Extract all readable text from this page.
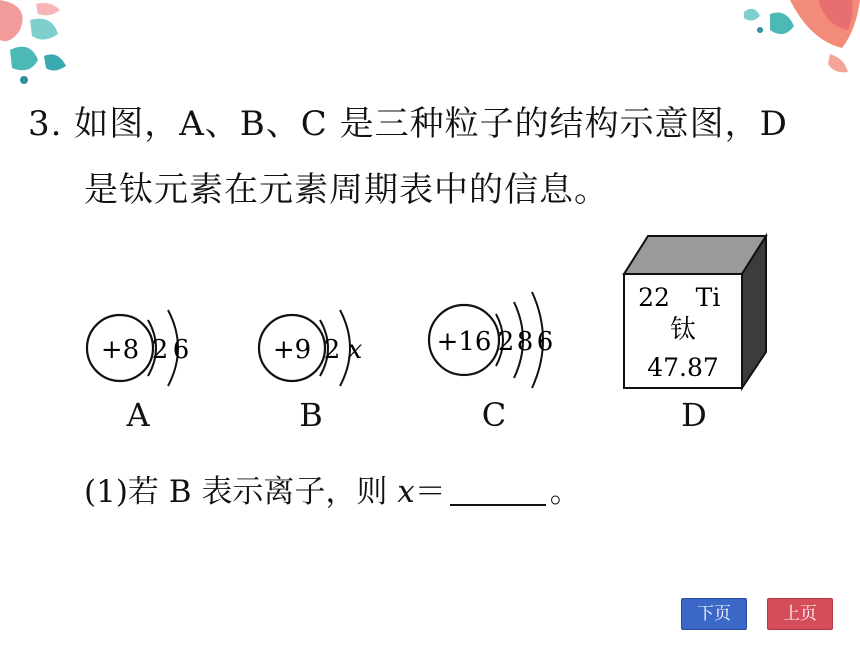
3. 如图，A、B、C 是三种粒子的结构示意图，D
是钛元素在元素周期表中的信息。
+8 2 6
A
+9 2 x
B
+16 2 8 6
C
22 Ti
钛
47.87
D
(1)若 B 表示离子，则 x＝	。
下页	上页
